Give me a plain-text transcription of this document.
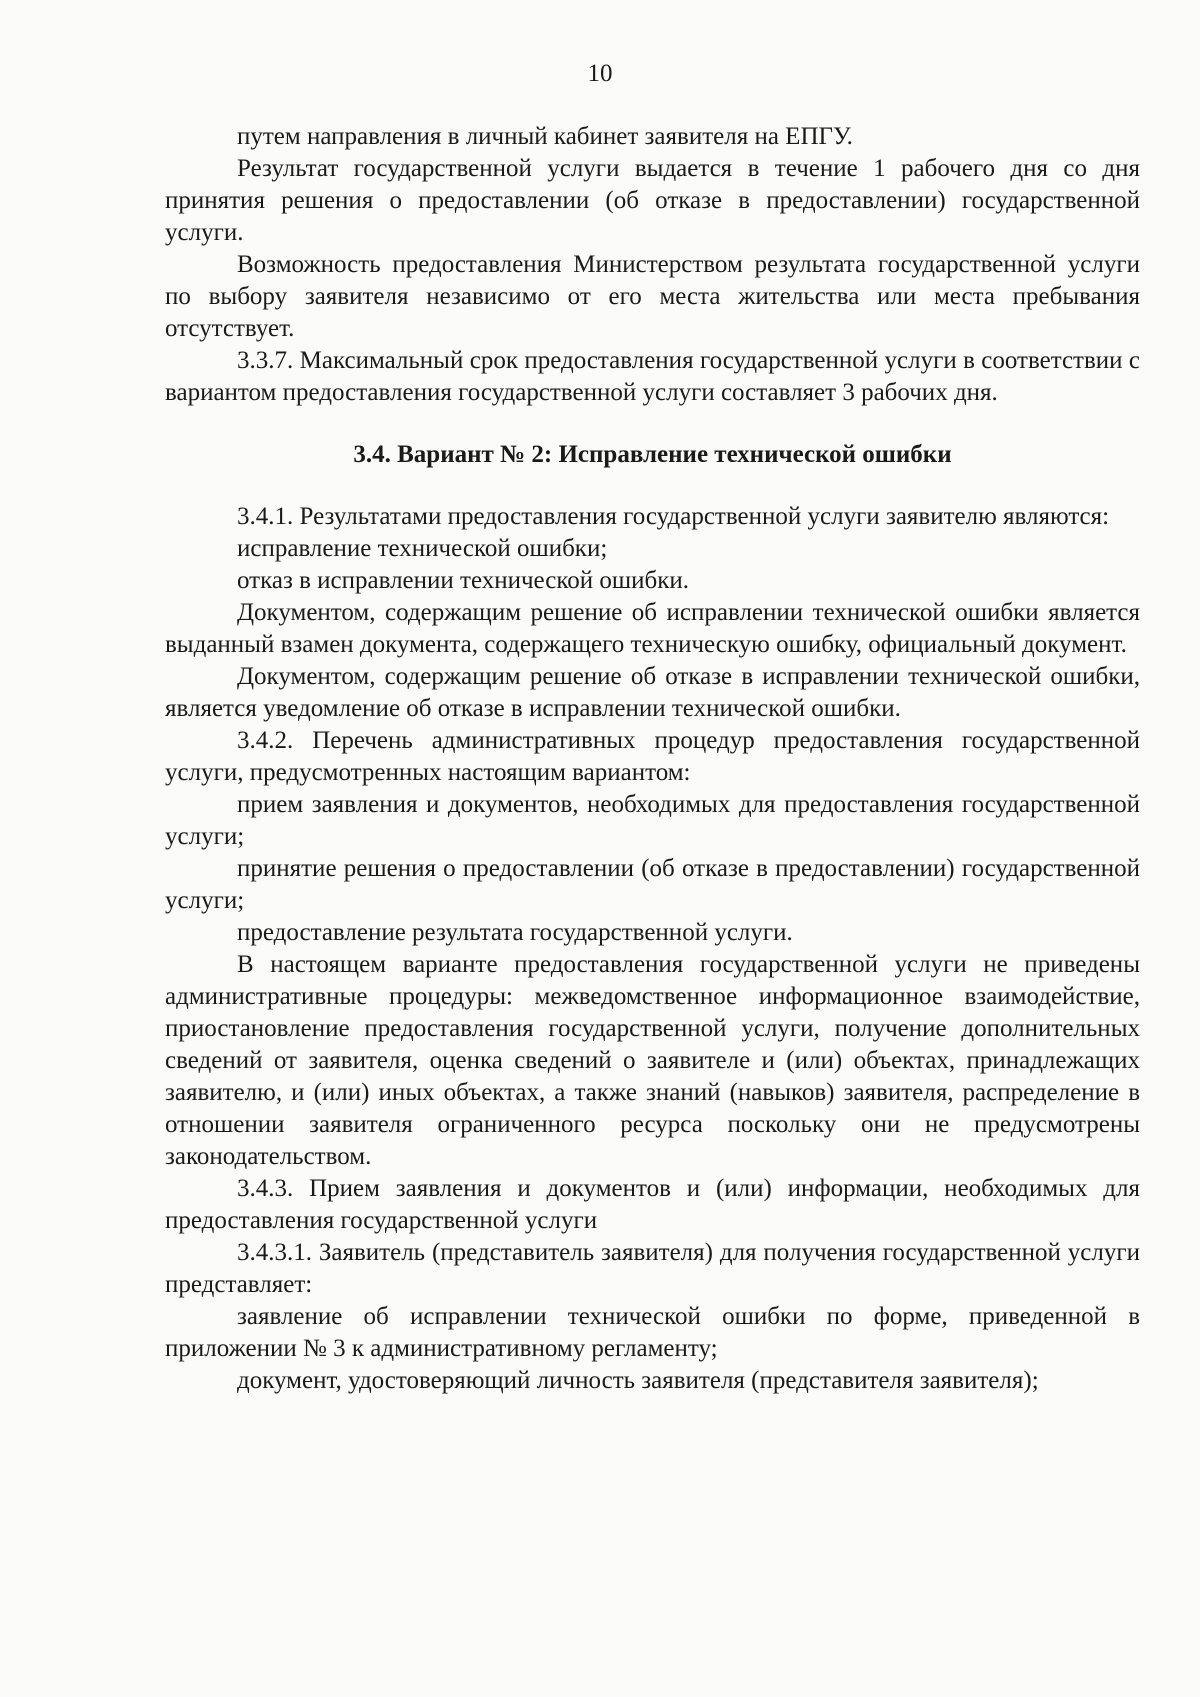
10

путем направления в личный кабинет заявителя на ЕПГУ.

Результат государственной услуги выдается в течение 1 рабочего дня со дня принятия решения о предоставлении (об отказе в предоставлении) государственной услуги.

Возможность предоставления Министерством результата государственной услуги по выбору заявителя независимо от его места жительства или места пребывания отсутствует.

3.3.7. Максимальный срок предоставления государственной услуги в соответствии с вариантом предоставления государственной услуги составляет 3 рабочих дня.

3.4. Вариант № 2: Исправление технической ошибки

3.4.1. Результатами предоставления государственной услуги заявителю являются:

исправление технической ошибки;

отказ в исправлении технической ошибки.

Документом, содержащим решение об исправлении технической ошибки является выданный взамен документа, содержащего техническую ошибку, официальный документ.

Документом, содержащим решение об отказе в исправлении технической ошибки, является уведомление об отказе в исправлении технической ошибки.

3.4.2. Перечень административных процедур предоставления государственной услуги, предусмотренных настоящим вариантом:

прием заявления и документов, необходимых для предоставления государственной услуги;

принятие решения о предоставлении (об отказе в предоставлении) государственной услуги;

предоставление результата государственной услуги.

В настоящем варианте предоставления государственной услуги не приведены административные процедуры: межведомственное информационное взаимодействие, приостановление предоставления государственной услуги, получение дополнительных сведений от заявителя, оценка сведений о заявителе и (или) объектах, принадлежащих заявителю, и (или) иных объектах, а также знаний (навыков) заявителя, распределение в отношении заявителя ограниченного ресурса поскольку они не предусмотрены законодательством.

3.4.3. Прием заявления и документов и (или) информации, необходимых для предоставления государственной услуги

3.4.3.1. Заявитель (представитель заявителя) для получения государственной услуги представляет:

заявление об исправлении технической ошибки по форме, приведенной в приложении № 3 к административному регламенту;

документ, удостоверяющий личность заявителя (представителя заявителя);
